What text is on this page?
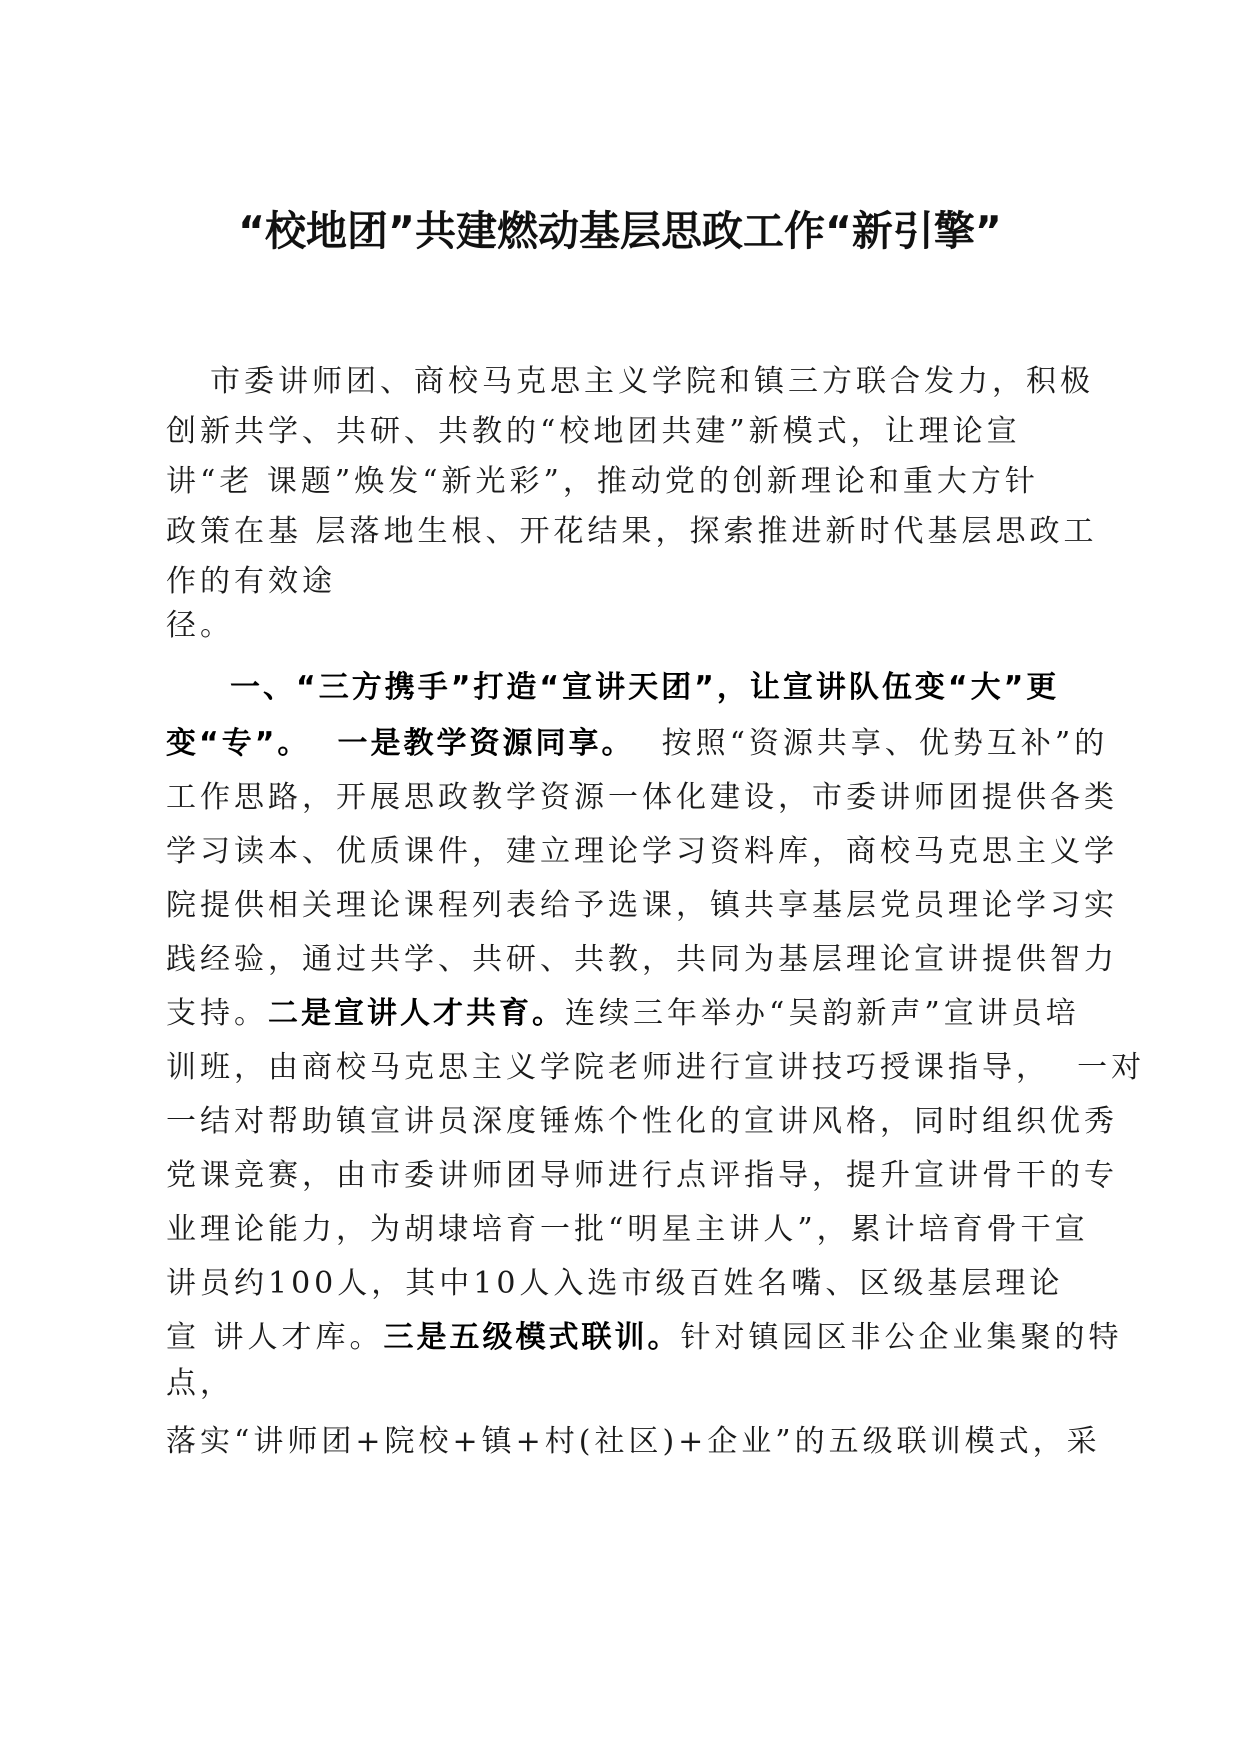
“校地团”共建燃动基层思政工作“新引擎”

市委讲师团、商校马克思主义学院和镇三方联合发力，积极

创新共学、共研、共教的“校地团共建”新模式，让理论宣

讲“老 课题”焕发“新光彩”，推动党的创新理论和重大方针

政策在基 层落地生根、开花结果，探索推进新时代基层思政工

作的有效途

径。

一、“三方携手”打造“宣讲天团”，让宣讲队伍变“大”更

变“专”。 一是教学资源同享。 按照“资源共享、优势互补”的

工作思路，开展思政教学资源一体化建设，市委讲师团提供各类

学习读本、优质课件，建立理论学习资料库，商校马克思主义学

院提供相关理论课程列表给予选课，镇共享基层党员理论学习实

践经验，通过共学、共研、共教，共同为基层理论宣讲提供智力

支持。二是宣讲人才共育。连续三年举办“吴韵新声”宣讲员培

训班，由商校马克思主义学院老师进行宣讲技巧授课指导，  一对

一结对帮助镇宣讲员深度锤炼个性化的宣讲风格，同时组织优秀

党课竞赛，由市委讲师团导师进行点评指导，提升宣讲骨干的专

业理论能力，为胡埭培育一批“明星主讲人”，累计培育骨干宣

讲员约100人，其中10人入选市级百姓名嘴、区级基层理论

宣 讲人才库。三是五级模式联训。针对镇园区非公企业集聚的特

点，

落实“讲师团+院校+镇+村(社区)+企业”的五级联训模式，采
